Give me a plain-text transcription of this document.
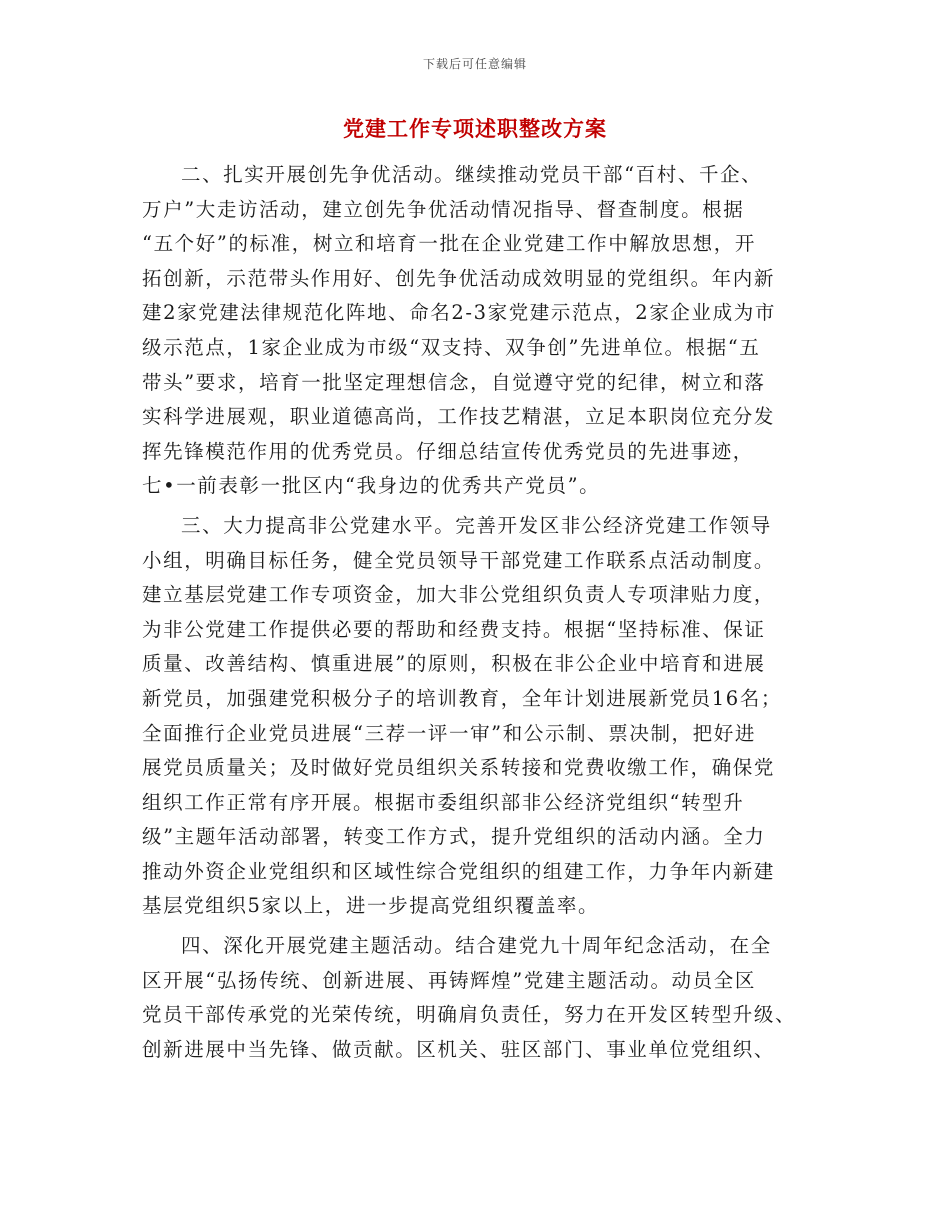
下载后可任意编辑
党建工作专项述职整改方案
二、扎实开展创先争优活动。继续推动党员干部“百村、千企、
万户”大走访活动，建立创先争优活动情况指导、督查制度。根据
“五个好”的标准，树立和培育一批在企业党建工作中解放思想，开
拓创新，示范带头作用好、创先争优活动成效明显的党组织。年内新
建2家党建法律规范化阵地、命名2-3家党建示范点，2家企业成为市
级示范点，1家企业成为市级“双支持、双争创”先进单位。根据“五
带头”要求，培育一批坚定理想信念，自觉遵守党的纪律，树立和落
实科学进展观，职业道德高尚，工作技艺精湛，立足本职岗位充分发
挥先锋模范作用的优秀党员。仔细总结宣传优秀党员的先进事迹，
七•一前表彰一批区内“我身边的优秀共产党员”。
三、大力提高非公党建水平。完善开发区非公经济党建工作领导
小组，明确目标任务，健全党员领导干部党建工作联系点活动制度。
建立基层党建工作专项资金，加大非公党组织负责人专项津贴力度，
为非公党建工作提供必要的帮助和经费支持。根据“坚持标准、保证
质量、改善结构、慎重进展”的原则，积极在非公企业中培育和进展
新党员，加强建党积极分子的培训教育，全年计划进展新党员16名；
全面推行企业党员进展“三荐一评一审”和公示制、票决制，把好进
展党员质量关；及时做好党员组织关系转接和党费收缴工作，确保党
组织工作正常有序开展。根据市委组织部非公经济党组织“转型升
级”主题年活动部署，转变工作方式，提升党组织的活动内涵。全力
推动外资企业党组织和区域性综合党组织的组建工作，力争年内新建
基层党组织5家以上，进一步提高党组织覆盖率。
四、深化开展党建主题活动。结合建党九十周年纪念活动，在全
区开展“弘扬传统、创新进展、再铸辉煌”党建主题活动。动员全区
党员干部传承党的光荣传统，明确肩负责任，努力在开发区转型升级、
创新进展中当先锋、做贡献。区机关、驻区部门、事业单位党组织、
